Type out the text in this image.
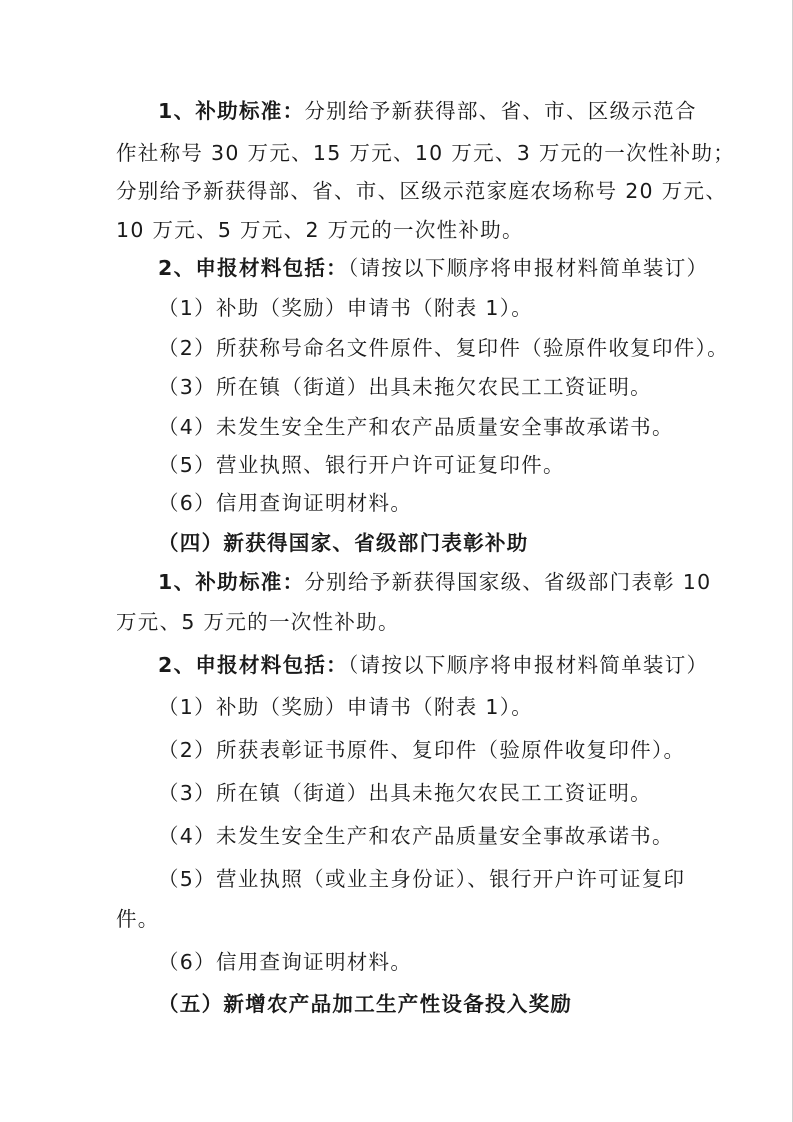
1、补助标准：分别给予新获得部、省、市、区级示范合

作社称号 30 万元、15 万元、10 万元、3 万元的一次性补助；

分别给予新获得部、省、市、区级示范家庭农场称号 20 万元、

10 万元、5 万元、2 万元的一次性补助。

2、申报材料包括：（请按以下顺序将申报材料简单装订）

（1）补助（奖励）申请书（附表 1）。

（2）所获称号命名文件原件、复印件（验原件收复印件）。

（3）所在镇（街道）出具未拖欠农民工工资证明。

（4）未发生安全生产和农产品质量安全事故承诺书。

（5）营业执照、银行开户许可证复印件。

（6）信用查询证明材料。

（四）新获得国家、省级部门表彰补助

1、补助标准：分别给予新获得国家级、省级部门表彰 10

万元、5 万元的一次性补助。

2、申报材料包括：（请按以下顺序将申报材料简单装订）

（1）补助（奖励）申请书（附表 1）。

（2）所获表彰证书原件、复印件（验原件收复印件）。

（3）所在镇（街道）出具未拖欠农民工工资证明。

（4）未发生安全生产和农产品质量安全事故承诺书。

（5）营业执照（或业主身份证）、银行开户许可证复印

件。

（6）信用查询证明材料。

（五）新增农产品加工生产性设备投入奖励
